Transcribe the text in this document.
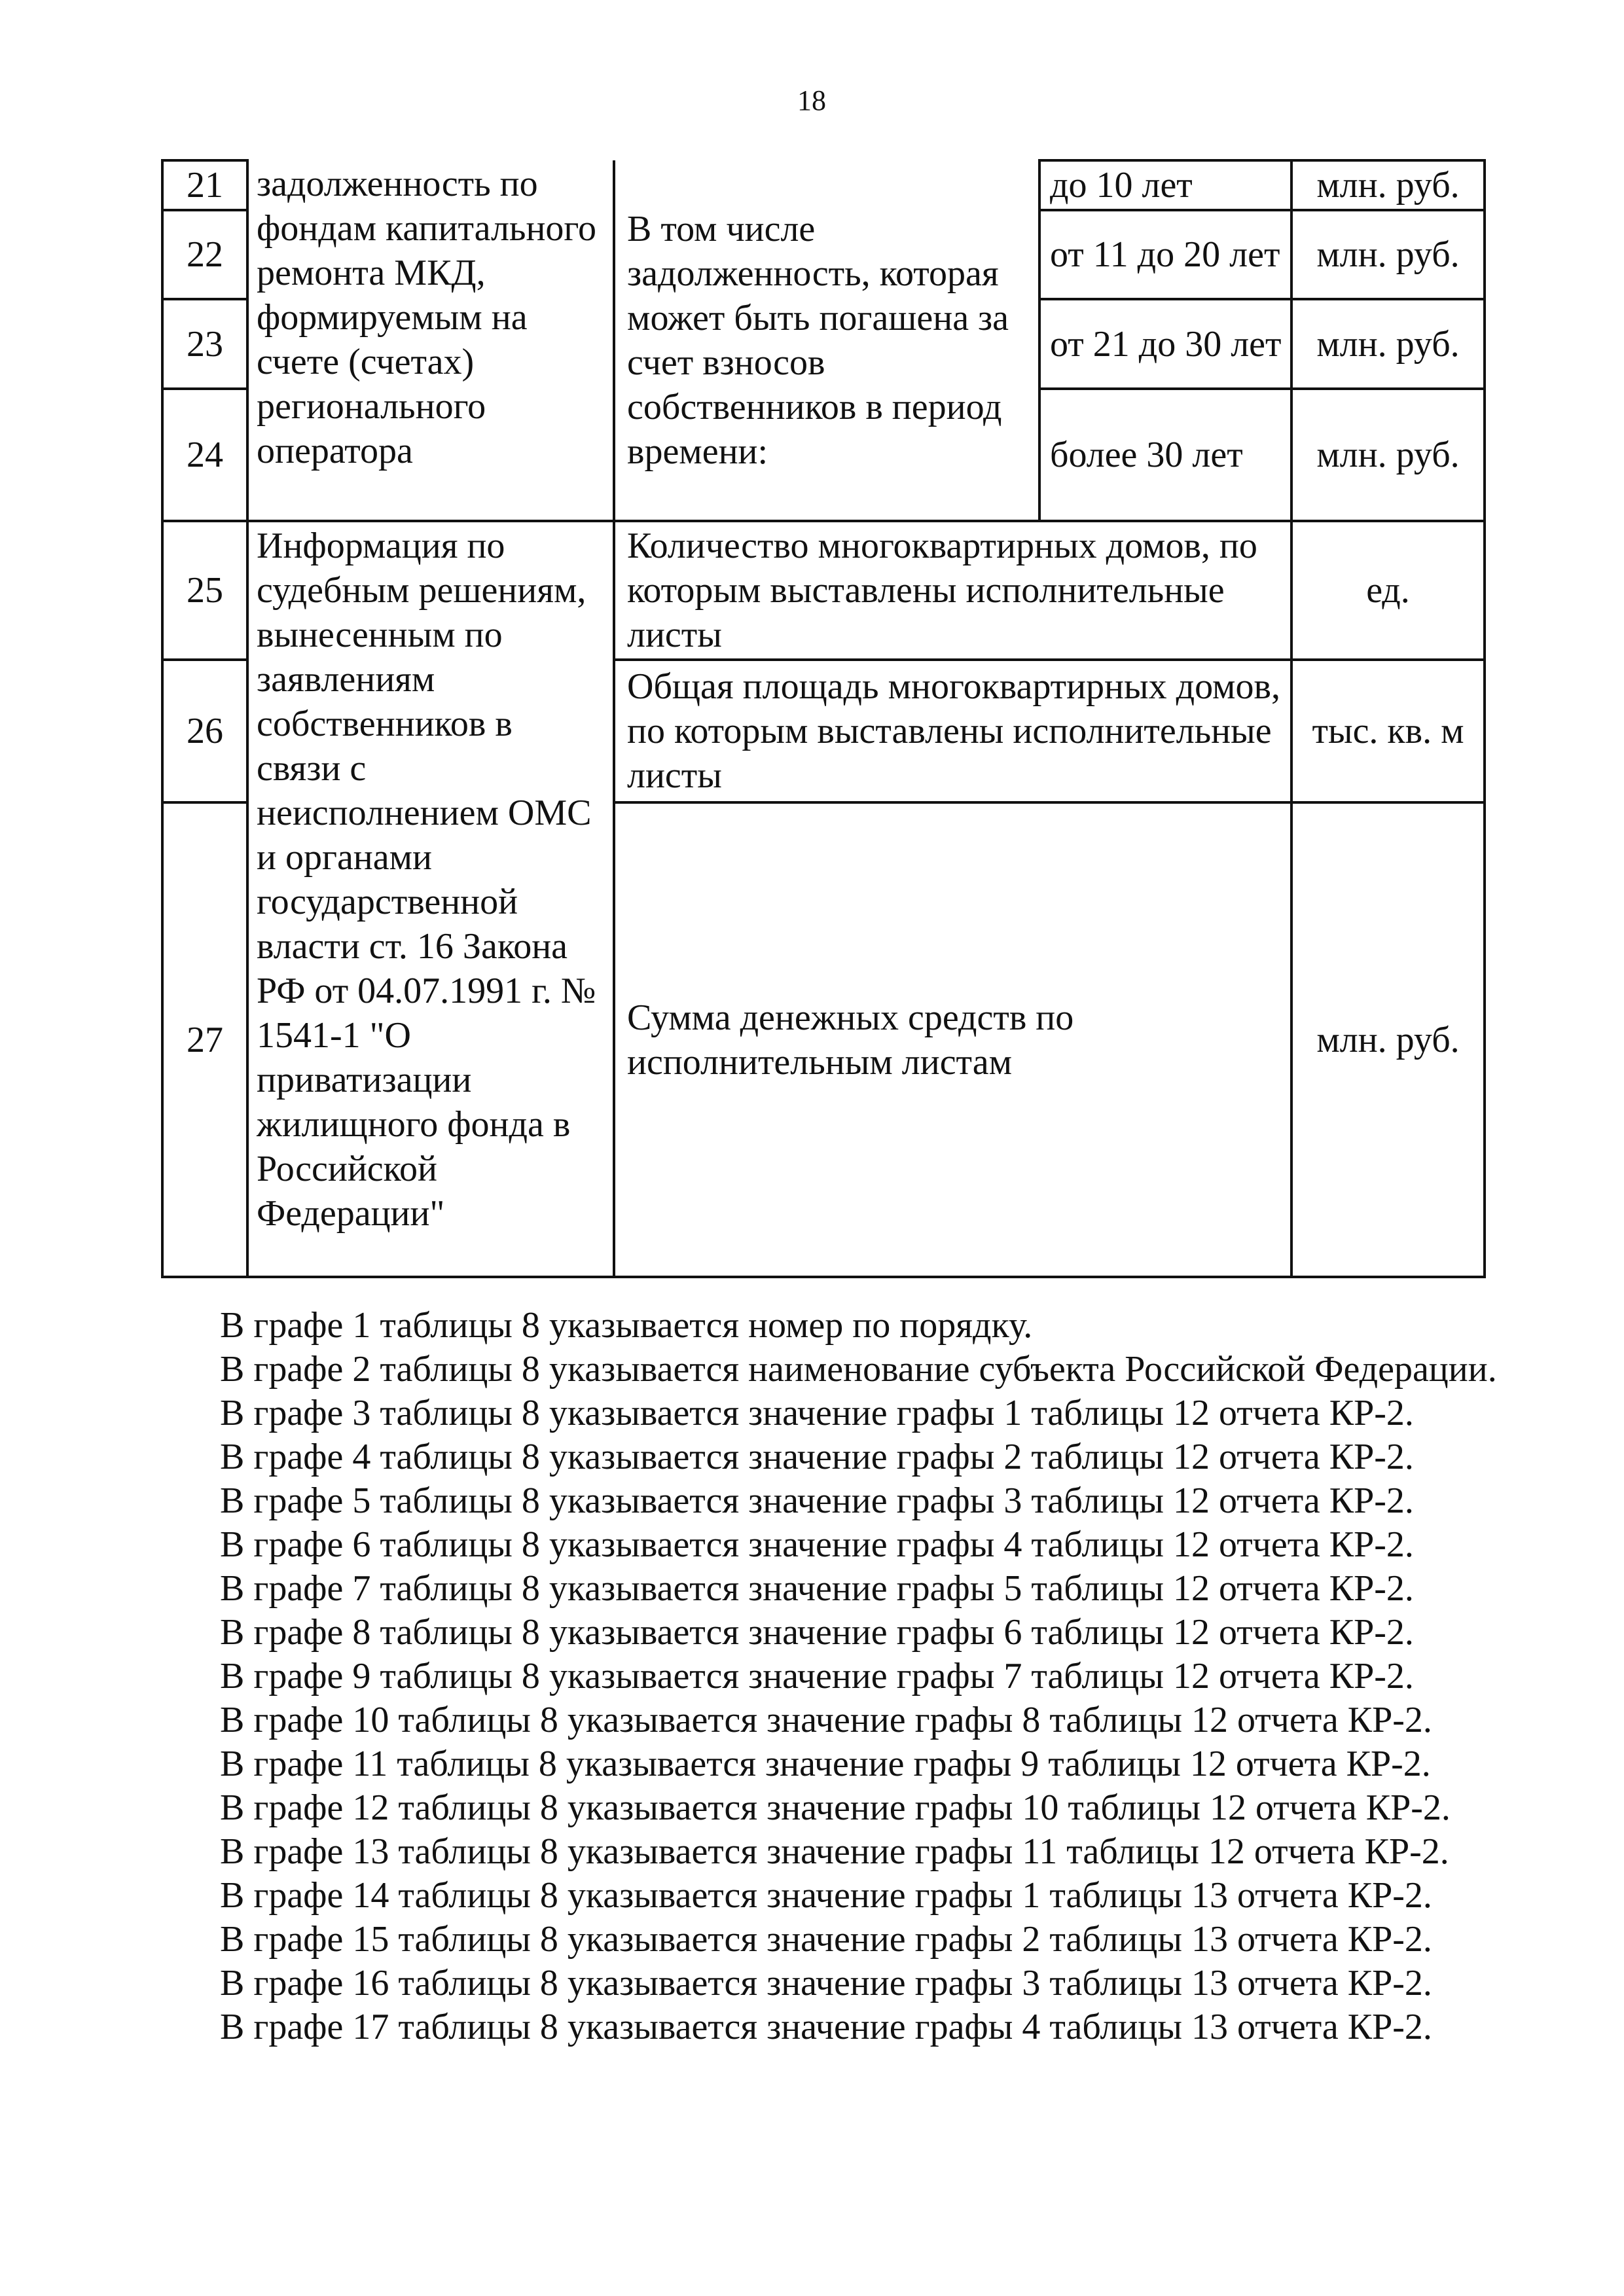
18
21	задолженность по фондам капитального ремонта МКД, формируемым на счете (счетах) регионального оператора	В том числе задолженность, которая может быть погашена за счет взносов собственников в период времени:	до 10 лет	млн. руб.
22			от 11 до 20 лет	млн. руб.
23			от 21 до 30 лет	млн. руб.
24			более 30 лет	млн. руб.
25	Информация по судебным решениям, вынесенным по заявлениям собственников в связи с неисполнением ОМС и органами государственной власти ст. 16 Закона РФ от 04.07.1991 г. № 1541-1 "О приватизации жилищного фонда в Российской Федерации"	Количество многоквартирных домов, по которым выставлены исполнительные листы		ед.
26		Общая площадь многоквартирных домов, по которым выставлены исполнительные листы		тыс. кв. м
27		Сумма денежных средств по исполнительным листам		млн. руб.

В графе 1 таблицы 8 указывается номер по порядку.

В графе 2 таблицы 8 указывается наименование субъекта Российской Федерации.

В графе 3 таблицы 8 указывается значение графы 1 таблицы 12 отчета КР-2.

В графе 4 таблицы 8 указывается значение графы 2 таблицы 12 отчета КР-2.

В графе 5 таблицы 8 указывается значение графы 3 таблицы 12 отчета КР-2.

В графе 6 таблицы 8 указывается значение графы 4 таблицы 12 отчета КР-2.

В графе 7 таблицы 8 указывается значение графы 5 таблицы 12 отчета КР-2.

В графе 8 таблицы 8 указывается значение графы 6 таблицы 12 отчета КР-2.

В графе 9 таблицы 8 указывается значение графы 7 таблицы 12 отчета КР-2.

В графе 10 таблицы 8 указывается значение графы 8 таблицы 12 отчета КР-2.

В графе 11 таблицы 8 указывается значение графы 9 таблицы 12 отчета КР-2.

В графе 12 таблицы 8 указывается значение графы 10 таблицы 12 отчета КР-2.

В графе 13 таблицы 8 указывается значение графы 11 таблицы 12 отчета КР-2.

В графе 14 таблицы 8 указывается значение графы 1 таблицы 13 отчета КР-2.

В графе 15 таблицы 8 указывается значение графы 2 таблицы 13 отчета КР-2.

В графе 16 таблицы 8 указывается значение графы 3 таблицы 13 отчета КР-2.

В графе 17 таблицы 8 указывается значение графы 4 таблицы 13 отчета КР-2.
